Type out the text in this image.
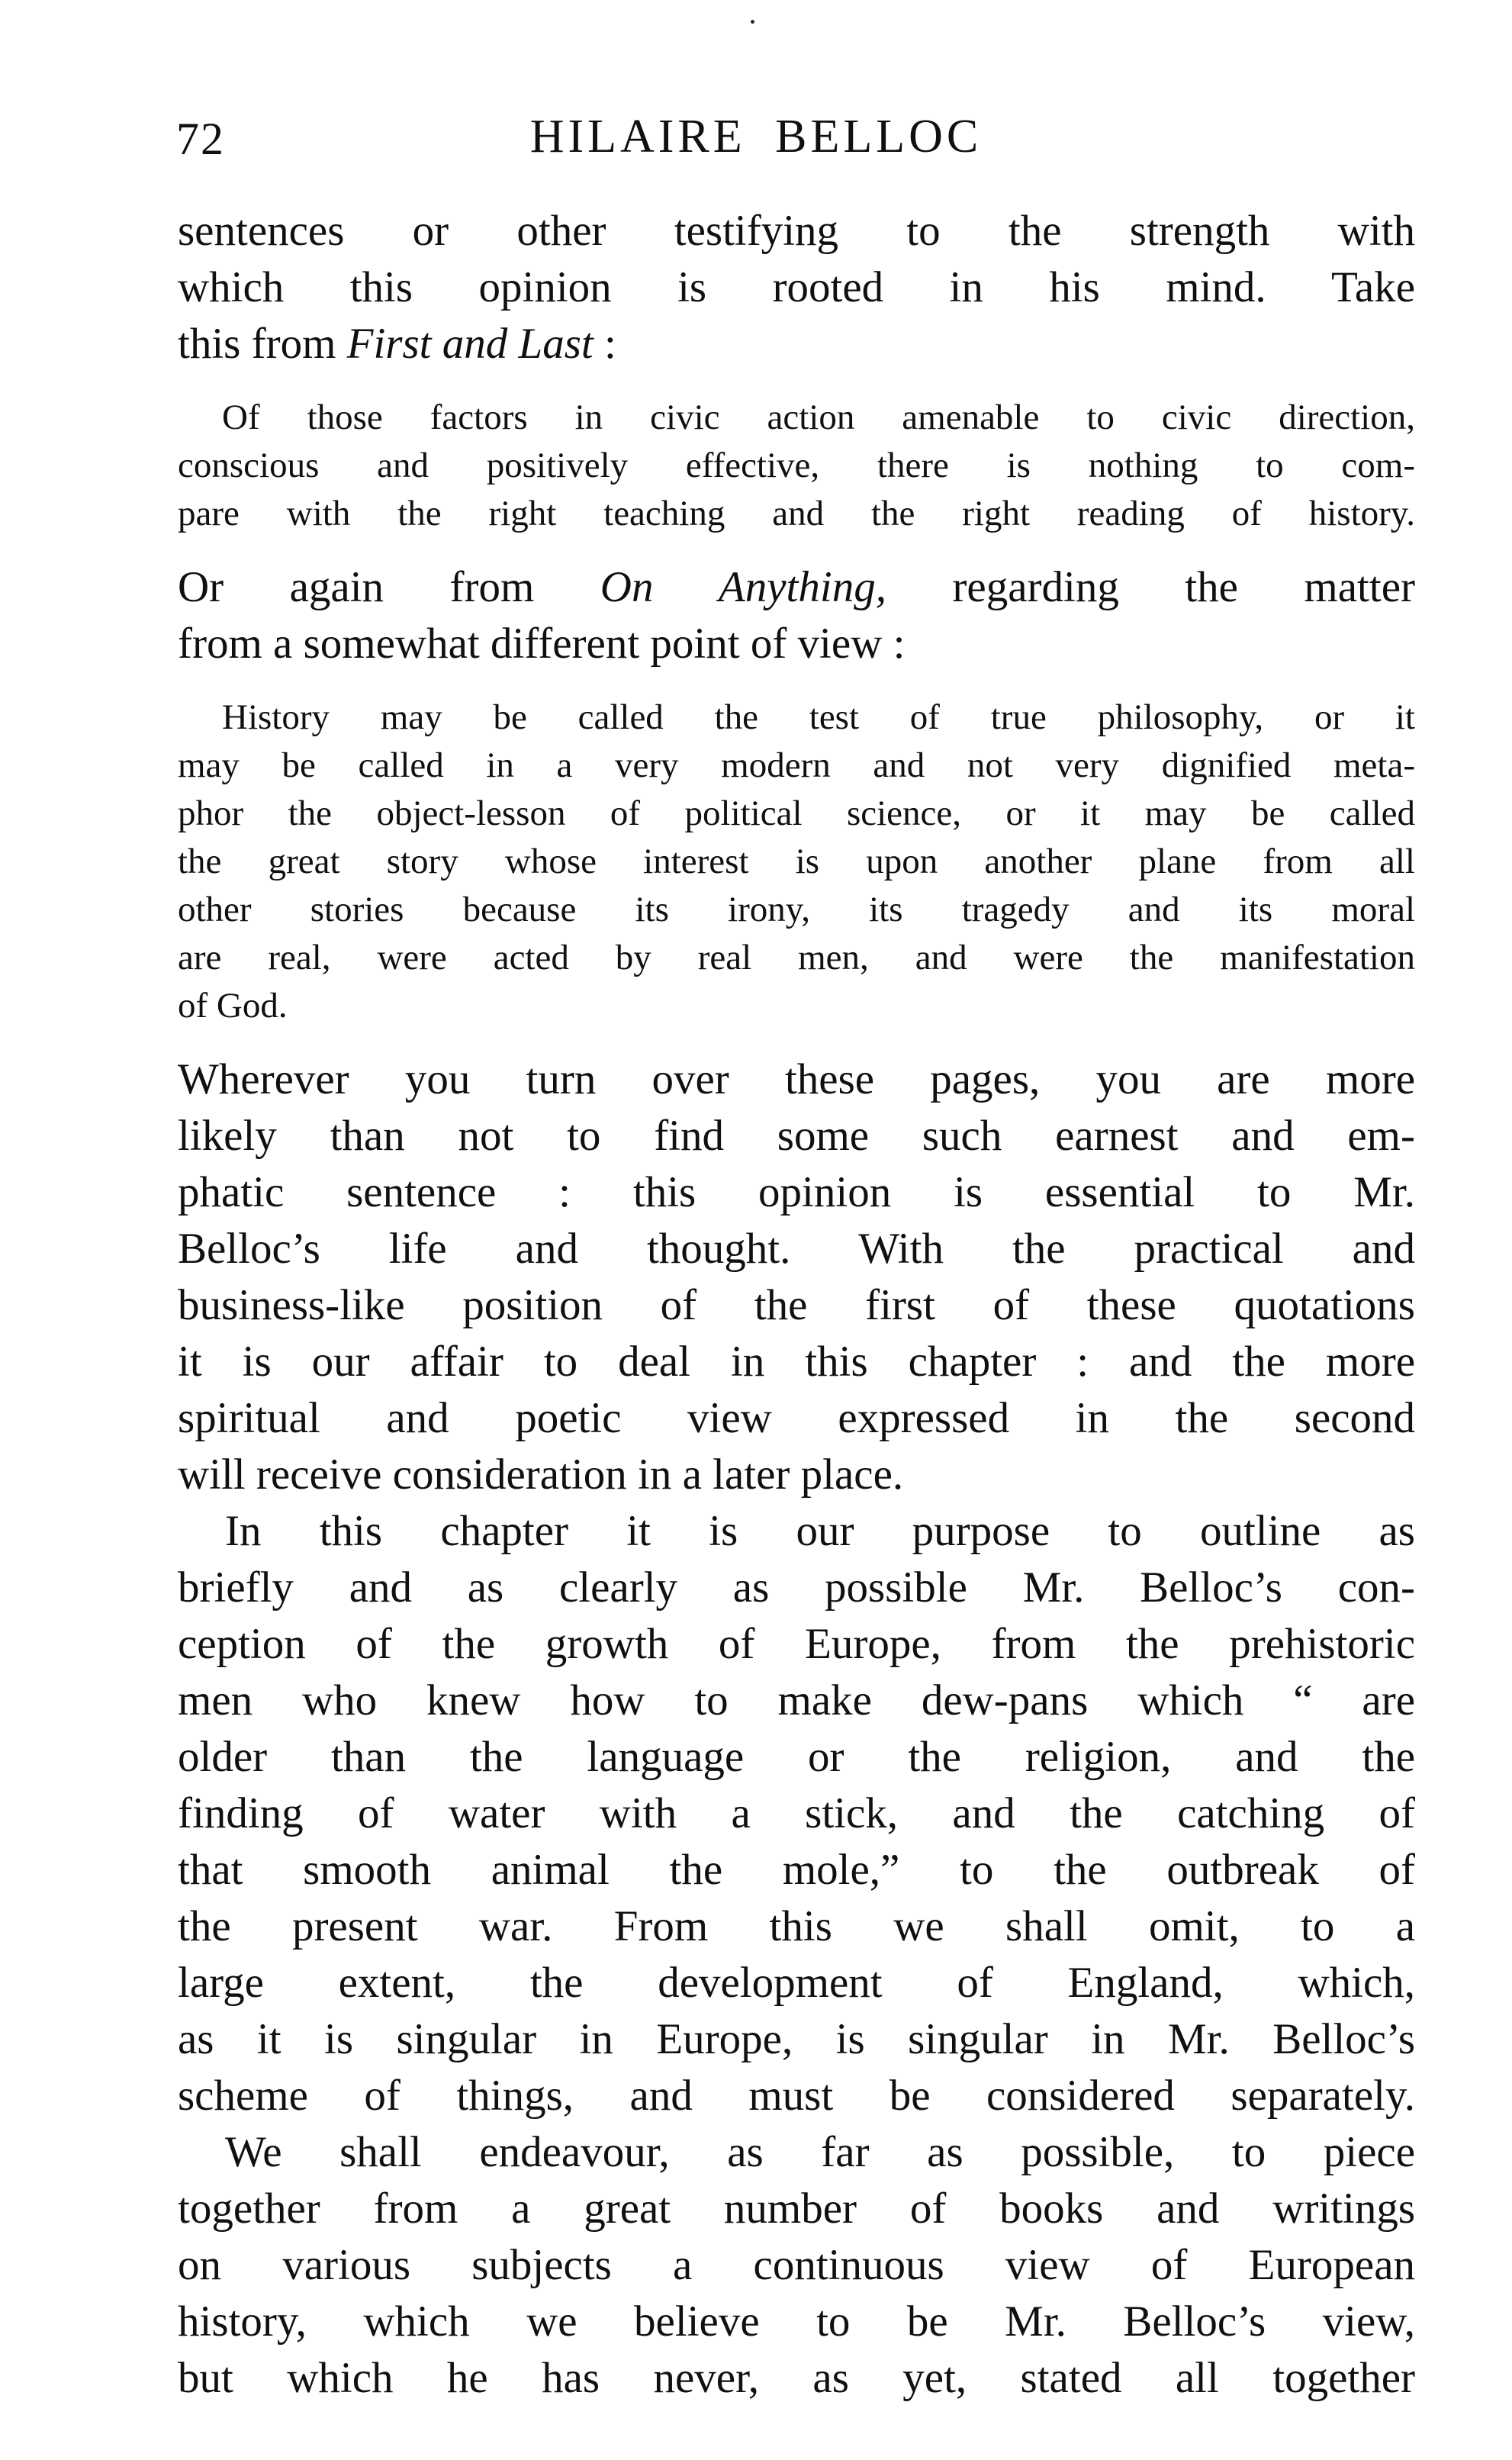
72	HILAIRE BELLOC
sentences or other testifying to the strength with
which this opinion is rooted in his mind. Take
this from First and Last :
Of those factors in civic action amenable to civic direction,
conscious and positively effective, there is nothing to com-
pare with the right teaching and the right reading of history.
Or again from On Anything, regarding the matter
from a somewhat different point of view :
History may be called the test of true philosophy, or it
may be called in a very modern and not very dignified meta-
phor the object-lesson of political science, or it may be called
the great story whose interest is upon another plane from all
other stories because its irony, its tragedy and its moral
are real, were acted by real men, and were the manifestation
of God.
Wherever you turn over these pages, you are more
likely than not to find some such earnest and em-
phatic sentence : this opinion is essential to Mr.
Belloc’s life and thought. With the practical and
business-like position of the first of these quotations
it is our affair to deal in this chapter : and the more
spiritual and poetic view expressed in the second
will receive consideration in a later place.
In this chapter it is our purpose to outline as
briefly and as clearly as possible Mr. Belloc’s con-
ception of the growth of Europe, from the prehistoric
men who knew how to make dew-pans which “ are
older than the language or the religion, and the
finding of water with a stick, and the catching of
that smooth animal the mole,” to the outbreak of
the present war. From this we shall omit, to a
large extent, the development of England, which,
as it is singular in Europe, is singular in Mr. Belloc’s
scheme of things, and must be considered separately.
We shall endeavour, as far as possible, to piece
together from a great number of books and writings
on various subjects a continuous view of European
history, which we believe to be Mr. Belloc’s view,
but which he has never, as yet, stated all together
